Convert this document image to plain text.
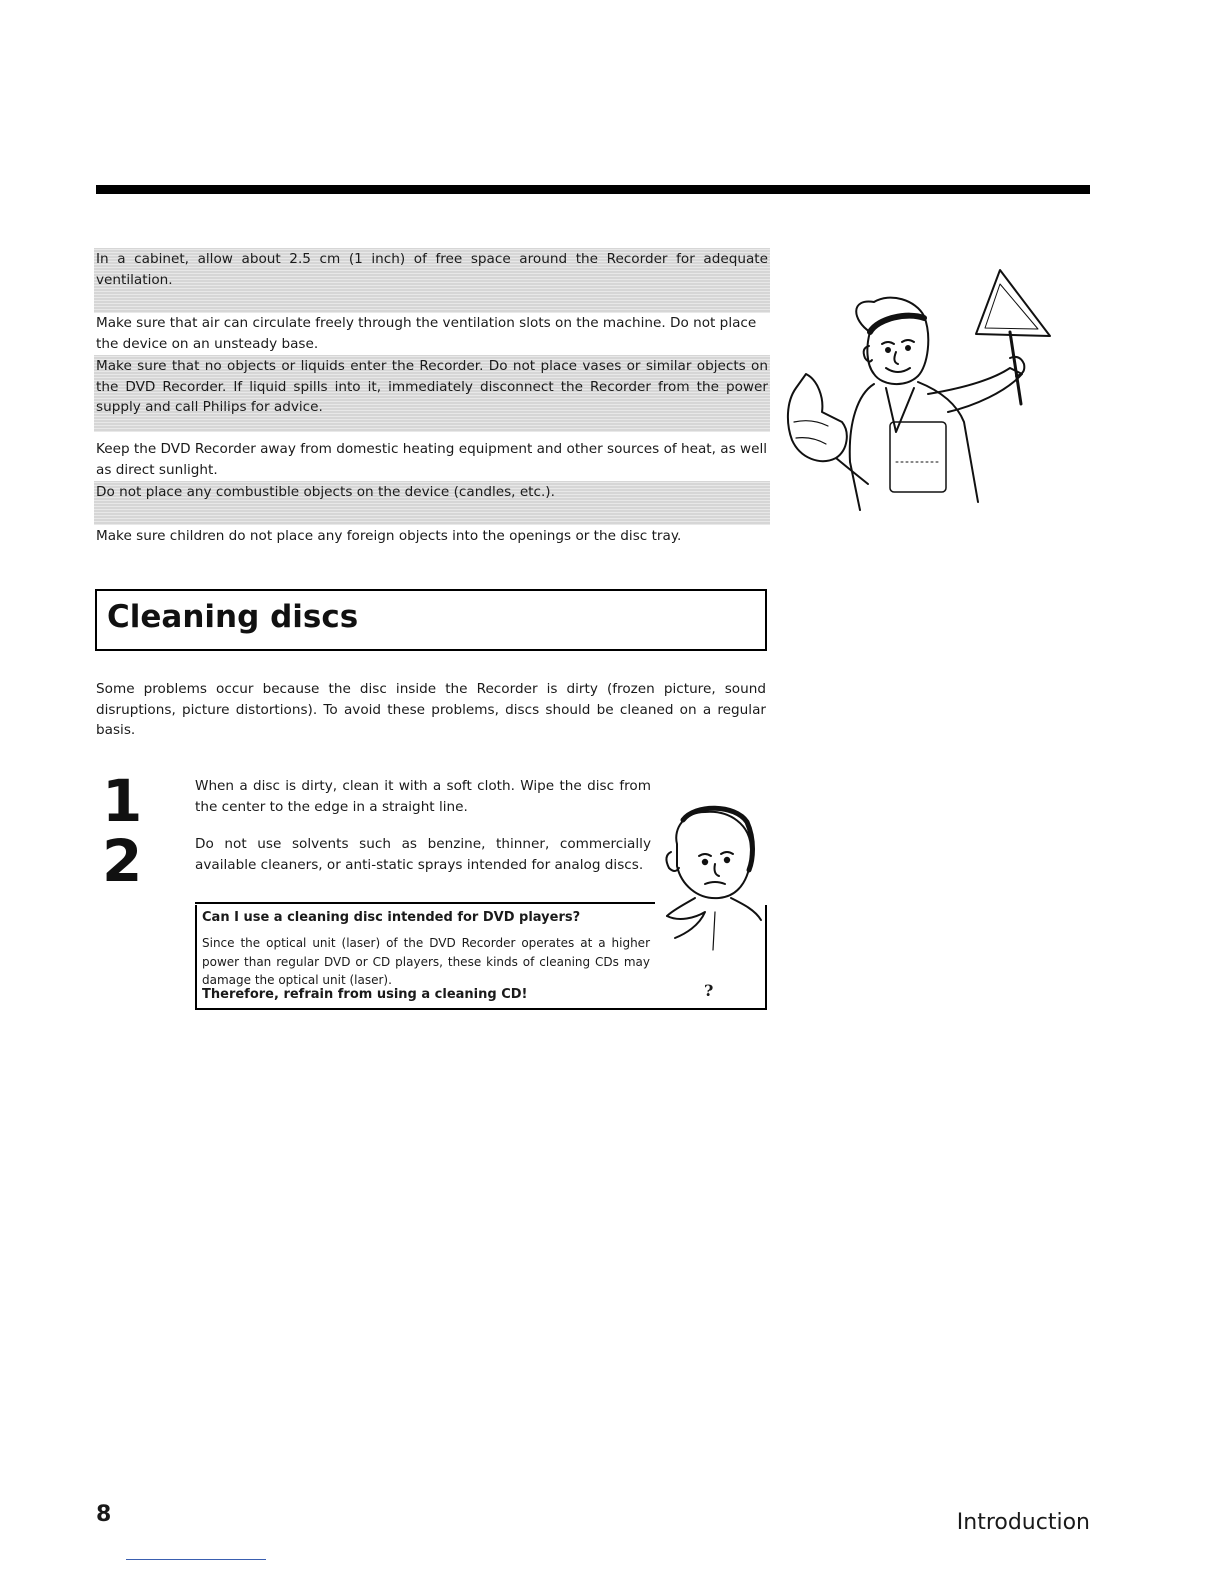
In a cabinet, allow about 2.5 cm (1 inch) of free space around the Recorder for adequate ventilation.
Make sure that air can circulate freely through the ventilation slots on the machine. Do not place the device on an unsteady base.
Make sure that no objects or liquids enter the Recorder. Do not place vases or similar objects on the DVD Recorder. If liquid spills into it, immediately disconnect the Recorder from the power supply and call Philips for advice.
Keep the DVD Recorder away from domestic heating equipment and other sources of heat, as well as direct sunlight.
Do not place any combustible objects on the device (candles, etc.).
Make sure children do not place any foreign objects into the openings or the disc tray.
Cleaning discs
Some problems occur because the disc inside the Recorder is dirty (frozen picture, sound disruptions, picture distortions). To avoid these problems, discs should be cleaned on a regular basis.
1	When a disc is dirty, clean it with a soft cloth. Wipe the disc from the center to the edge in a straight line.
2	Do not use solvents such as benzine, thinner, commercially available cleaners, or anti-static sprays intended for analog discs.
Can I use a cleaning disc intended for DVD players?
Since the optical unit (laser) of the DVD Recorder operates at a higher power than regular DVD or CD players, these kinds of cleaning CDs may damage the optical unit (laser).
Therefore, refrain from using a cleaning CD!	?
8	Introduction
